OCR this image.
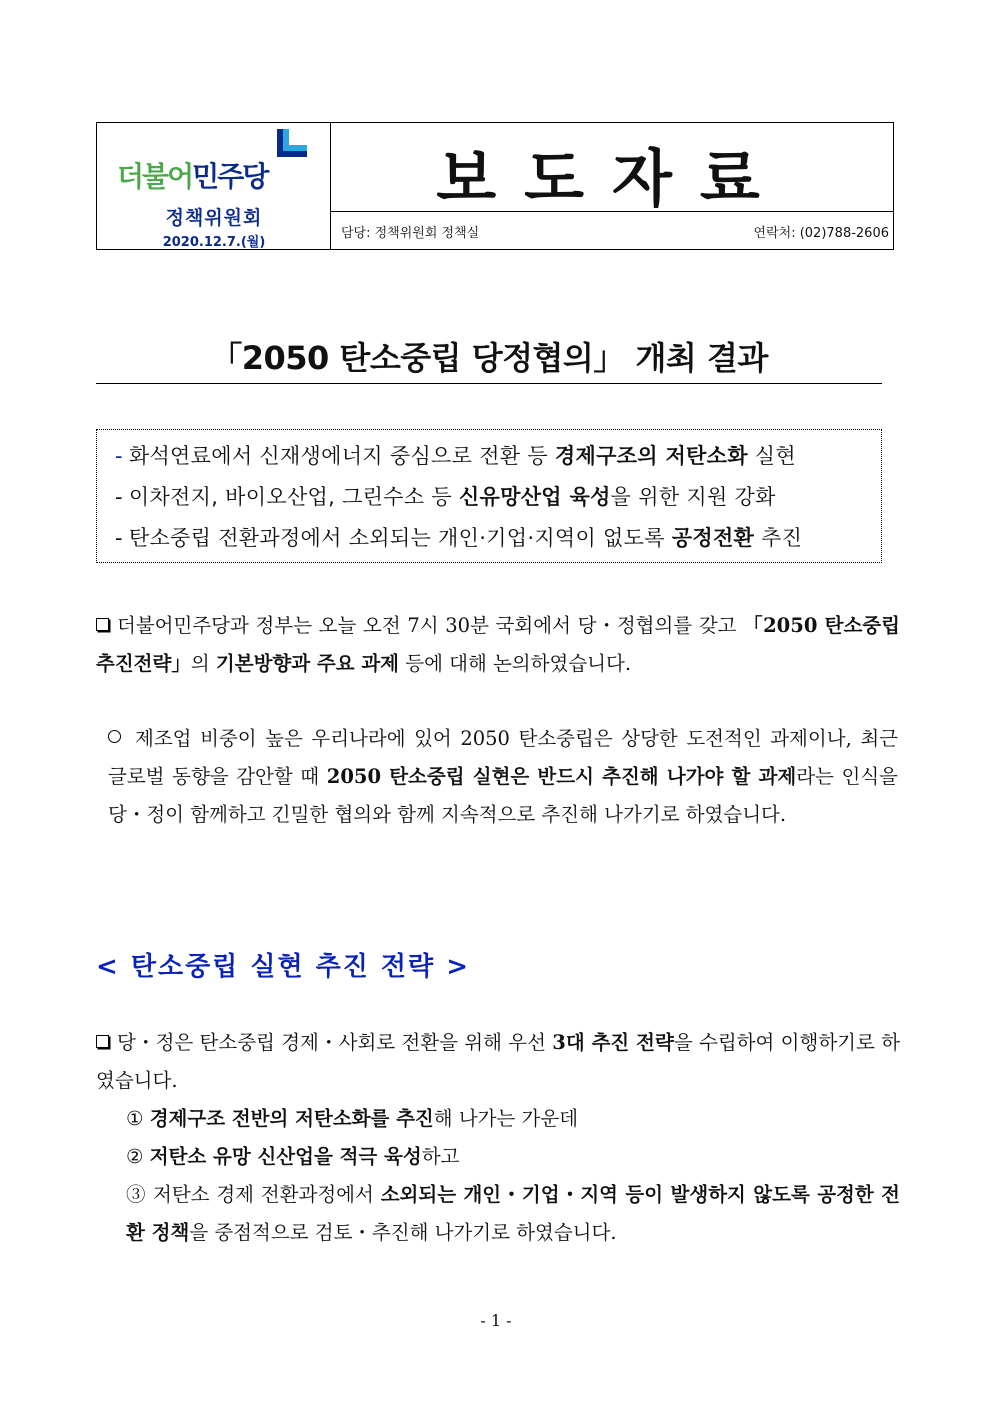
더불어민주당
정책위원회
2020.12.7.(월)
보도자료
담당: 정책위원회 정책실	연락처: (02)788-2606
「2050 탄소중립 당정협의」 개최 결과
- 화석연료에서 신재생에너지 중심으로 전환 등 경제구조의 저탄소화 실현
- 이차전지, 바이오산업, 그린수소 등 신유망산업 육성을 위한 지원 강화
- 탄소중립 전환과정에서 소외되는 개인·기업·지역이 없도록 공정전환 추진
더불어민주당과 정부는 오늘 오전 7시 30분 국회에서 당・정협의를 갖고 「2050 탄소중립 추진전략」의 기본방향과 주요 과제 등에 대해 논의하였습니다.
제조업 비중이 높은 우리나라에 있어 2050 탄소중립은 상당한 도전적인 과제이나, 최근 글로벌 동향을 감안할 때 2050 탄소중립 실현은 반드시 추진해 나가야 할 과제라는 인식을 당・정이 함께하고 긴밀한 협의와 함께 지속적으로 추진해 나가기로 하였습니다.
< 탄소중립 실현 추진 전략 >
당・정은 탄소중립 경제・사회로 전환을 위해 우선 3대 추진 전략을 수립하여 이행하기로 하였습니다.
① 경제구조 전반의 저탄소화를 추진해 나가는 가운데
② 저탄소 유망 신산업을 적극 육성하고
③ 저탄소 경제 전환과정에서 소외되는 개인・기업・지역 등이 발생하지 않도록 공정한 전환 정책을 중점적으로 검토・추진해 나가기로 하였습니다.
- 1 -
